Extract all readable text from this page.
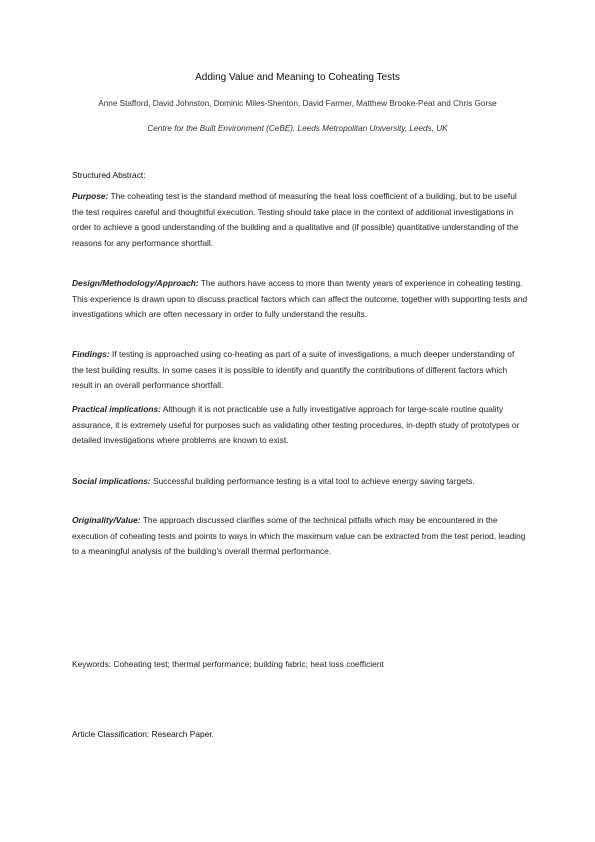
Adding Value and Meaning to Coheating Tests
Anne Stafford, David Johnston, Dominic Miles-Shenton, David Farmer, Matthew Brooke-Peat and Chris Gorse
Centre for the Built Environment (CeBE), Leeds Metropolitan University, Leeds, UK
Structured Abstract:
Purpose: The coheating test is the standard method of measuring the heat loss coefficient of a building, but to be useful the test requires careful and thoughtful execution. Testing should take place in the context of additional investigations in order to achieve a good understanding of the building and a qualitative and (if possible) quantitative understanding of the reasons for any performance shortfall.
Design/Methodology/Approach: The authors have access to more than twenty years of experience in coheating testing. This experience is drawn upon to discuss practical factors which can affect the outcome, together with supporting tests and investigations which are often necessary in order to fully understand the results.
Findings: If testing is approached using co-heating as part of a suite of investigations, a much deeper understanding of the test building results. In some cases it is possible to identify and quantify the contributions of different factors which result in an overall performance shortfall.
Practical implications: Although it is not practicable use a fully investigative approach for large-scale routine quality assurance, it is extremely useful for purposes such as validating other testing procedures, in-depth study of prototypes or detailed investigations where problems are known to exist.
Social implications: Successful building performance testing is a vital tool to achieve energy saving targets.
Originality/Value: The approach discussed clarifies some of the technical pitfalls which may be encountered in the execution of coheating tests and points to ways in which the maximum value can be extracted from the test period, leading to a meaningful analysis of the building’s overall thermal performance.
Keywords: Coheating test; thermal performance; building fabric; heat loss coefficient
Article Classification: Research Paper.
